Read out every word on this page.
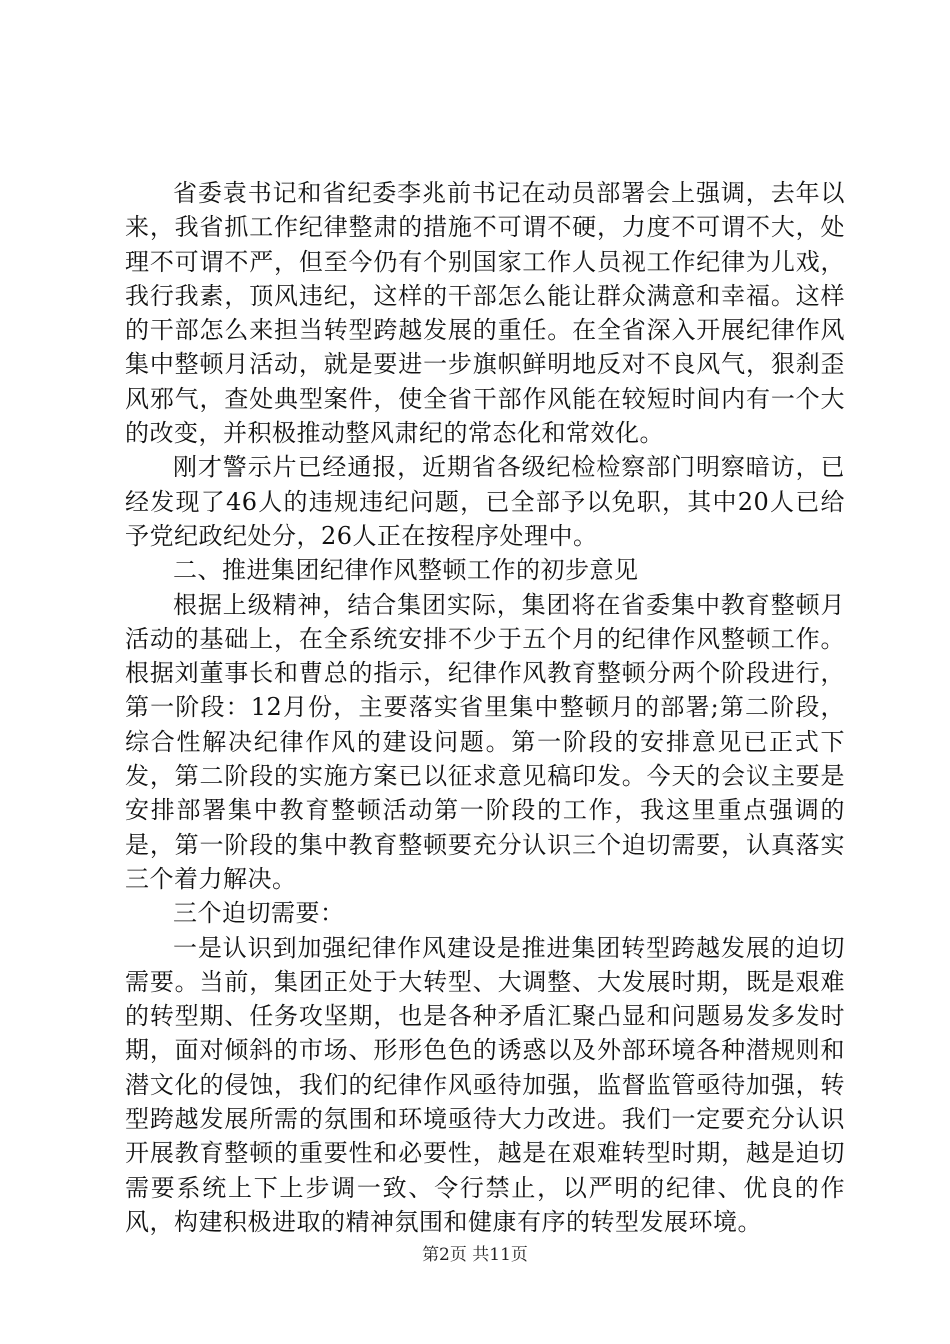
省委袁书记和省纪委李兆前书记在动员部署会上强调，去年以来，我省抓工作纪律整肃的措施不可谓不硬，力度不可谓不大，处理不可谓不严，但至今仍有个别国家工作人员视工作纪律为儿戏，我行我素，顶风违纪，这样的干部怎么能让群众满意和幸福。这样的干部怎么来担当转型跨越发展的重任。在全省深入开展纪律作风集中整顿月活动，就是要进一步旗帜鲜明地反对不良风气，狠刹歪风邪气，查处典型案件，使全省干部作风能在较短时间内有一个大的改变，并积极推动整风肃纪的常态化和常效化。

刚才警示片已经通报，近期省各级纪检检察部门明察暗访，已经发现了46人的违规违纪问题，已全部予以免职，其中20人已给予党纪政纪处分，26人正在按程序处理中。

二、推进集团纪律作风整顿工作的初步意见

根据上级精神，结合集团实际，集团将在省委集中教育整顿月活动的基础上，在全系统安排不少于五个月的纪律作风整顿工作。根据刘董事长和曹总的指示，纪律作风教育整顿分两个阶段进行，第一阶段：12月份，主要落实省里集中整顿月的部署;第二阶段，综合性解决纪律作风的建设问题。第一阶段的安排意见已正式下发，第二阶段的实施方案已以征求意见稿印发。今天的会议主要是安排部署集中教育整顿活动第一阶段的工作，我这里重点强调的是，第一阶段的集中教育整顿要充分认识三个迫切需要，认真落实三个着力解决。

三个迫切需要：

一是认识到加强纪律作风建设是推进集团转型跨越发展的迫切需要。当前，集团正处于大转型、大调整、大发展时期，既是艰难的转型期、任务攻坚期，也是各种矛盾汇聚凸显和问题易发多发时期，面对倾斜的市场、形形色色的诱惑以及外部环境各种潜规则和潜文化的侵蚀，我们的纪律作风亟待加强，监督监管亟待加强，转型跨越发展所需的氛围和环境亟待大力改进。我们一定要充分认识开展教育整顿的重要性和必要性，越是在艰难转型时期，越是迫切需要系统上下上步调一致、令行禁止，以严明的纪律、优良的作风，构建积极进取的精神氛围和健康有序的转型发展环境。

第2页 共11页
